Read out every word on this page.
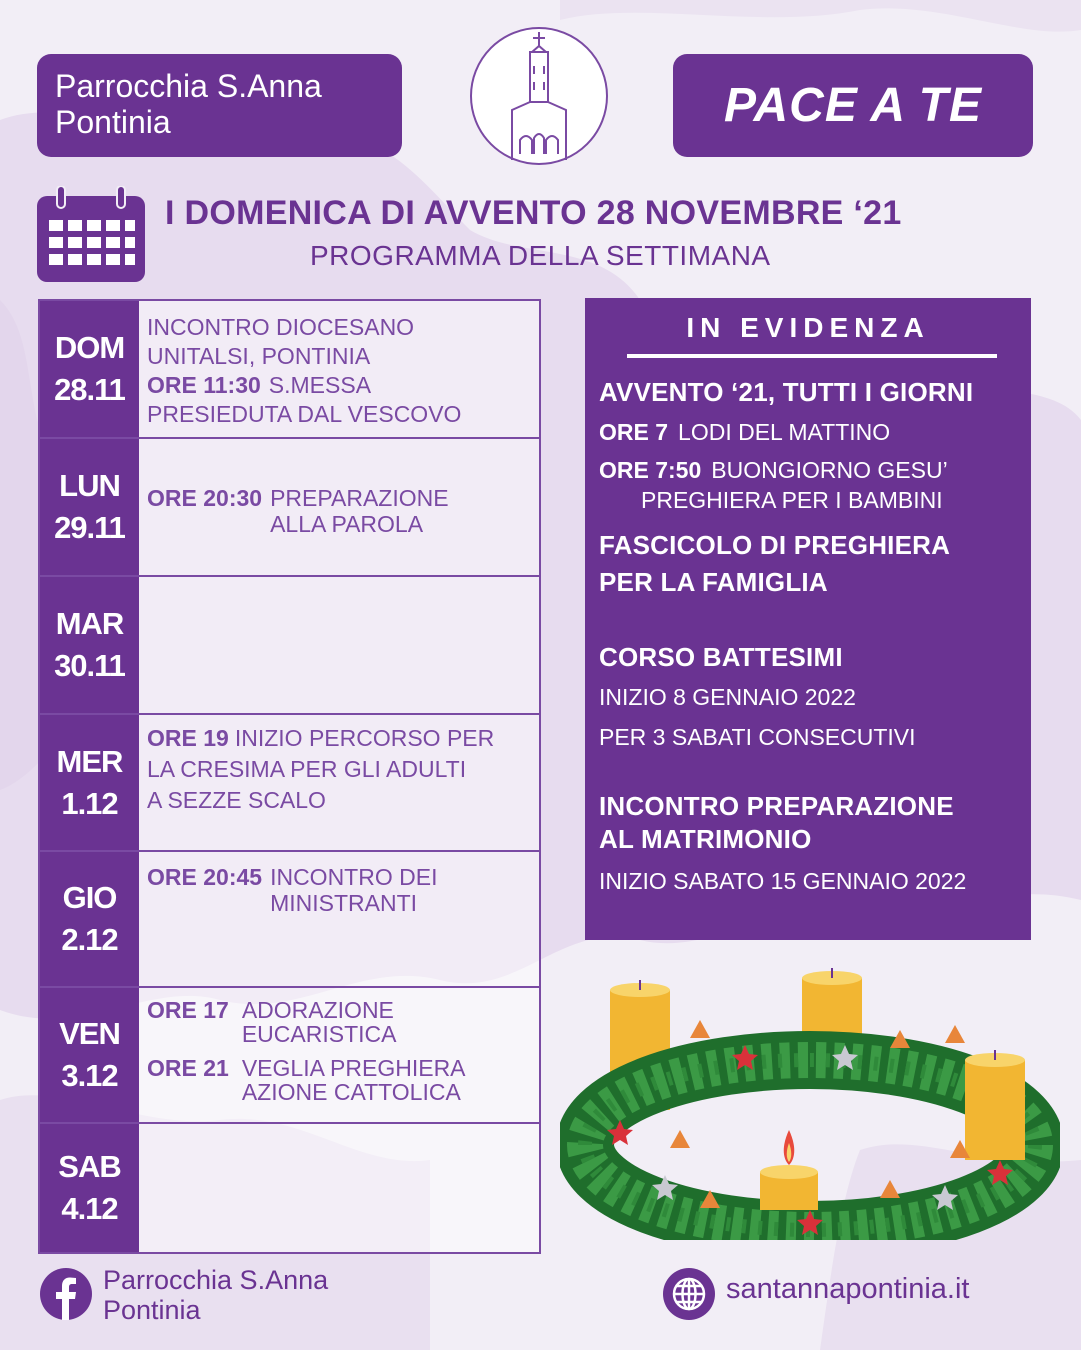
Parrocchia S.Anna
Pontinia	PACE A TE
I DOMENICA DI AVVENTO 28 NOVEMBRE ‘21
PROGRAMMA DELLA SETTIMANA
DOM
28.11
INCONTRO DIOCESANO
UNITALSI, PONTINIA
ORE 11:30 S.MESSA
PRESIEDUTA DAL VESCOVO
LUN
29.11
ORE 20:30 PREPARAZIONE
ALLA PAROLA
MAR
30.11
MER
1.12
ORE 19 INIZIO PERCORSO PER
LA CRESIMA PER GLI ADULTI
A SEZZE SCALO
GIO
2.12
ORE 20:45 INCONTRO DEI
MINISTRANTI
VEN
3.12
ORE 17 ADORAZIONE
EUCARISTICA
ORE 21 VEGLIA PREGHIERA
AZIONE CATTOLICA
SAB
4.12
IN EVIDENZA
AVVENTO ‘21, TUTTI I GIORNI
ORE 7 LODI DEL MATTINO
ORE 7:50 BUONGIORNO GESU’
PREGHIERA PER I BAMBINI
FASCICOLO DI PREGHIERA
PER LA FAMIGLIA
CORSO BATTESIMI
INIZIO 8 GENNAIO 2022
PER 3 SABATI CONSECUTIVI
INCONTRO PREPARAZIONE
AL MATRIMONIO
INIZIO SABATO 15 GENNAIO 2022
Parrocchia S.Anna
Pontinia
santannapontinia.it
